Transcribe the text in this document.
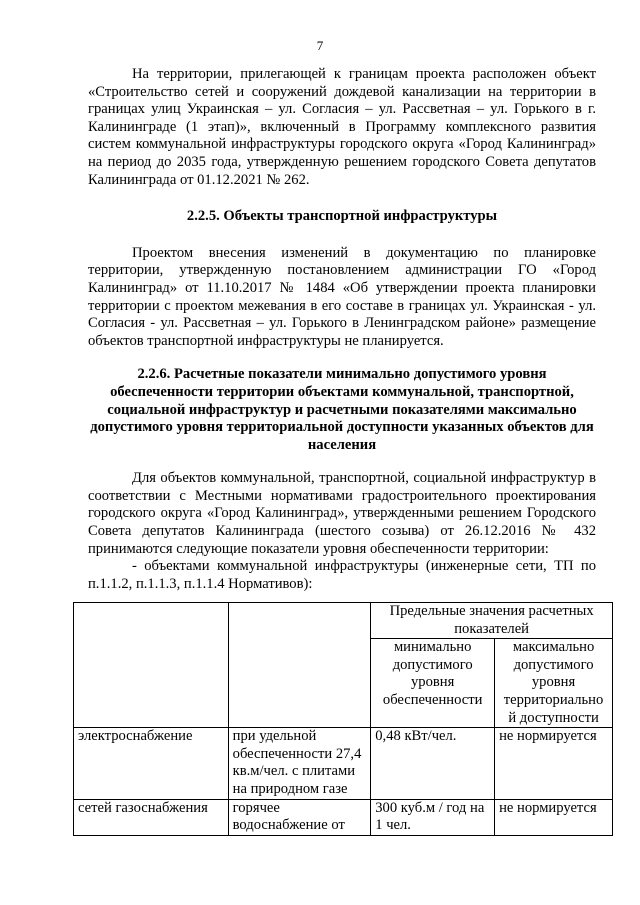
7

На территории, прилегающей к границам проекта расположен объект «Строительство сетей и сооружений дождевой канализации на территории в границах улиц Украинская – ул. Согласия – ул. Рассветная – ул. Горького в г. Калининграде (1 этап)», включенный в Программу комплексного развития систем коммунальной инфраструктуры городского округа «Город Калининград» на период до 2035 года, утвержденную решением городского Совета депутатов Калининграда от 01.12.2021 № 262.

2.2.5. Объекты транспортной инфраструктуры

Проектом внесения изменений в документацию по планировке территории, утвержденную постановлением администрации ГО «Город Калининград» от 11.10.2017 № 1484 «Об утверждении проекта планировки территории с проектом межевания в его составе в границах ул. Украинская - ул. Согласия - ул. Рассветная – ул. Горького в Ленинградском районе» размещение объектов транспортной инфраструктуры не планируется.

2.2.6. Расчетные показатели минимально допустимого уровня обеспеченности территории объектами коммунальной, транспортной, социальной инфраструктур и расчетными показателями максимально допустимого уровня территориальной доступности указанных объектов для населения

Для объектов коммунальной, транспортной, социальной инфраструктур в соответствии с Местными нормативами градостроительного проектирования городского округа «Город Калининград», утвержденными решением Городского Совета депутатов Калининграда (шестого созыва) от 26.12.2016 № 432 принимаются следующие показатели уровня обеспеченности территории:

- объектами коммунальной инфраструктуры (инженерные сети, ТП по п.1.1.2, п.1.1.3, п.1.1.4 Нормативов):

		Предельные значения расчетных показателей	
		минимально допустимого уровня обеспеченности	максимально допустимого уровня территориально й доступности
электроснабжение	при удельной обеспеченности 27,4 кв.м/чел. с плитами на природном газе	0,48 кВт/чел.	не нормируется
сетей газоснабжения	горячее водоснабжение от	300 куб.м / год на 1 чел.	не нормируется
